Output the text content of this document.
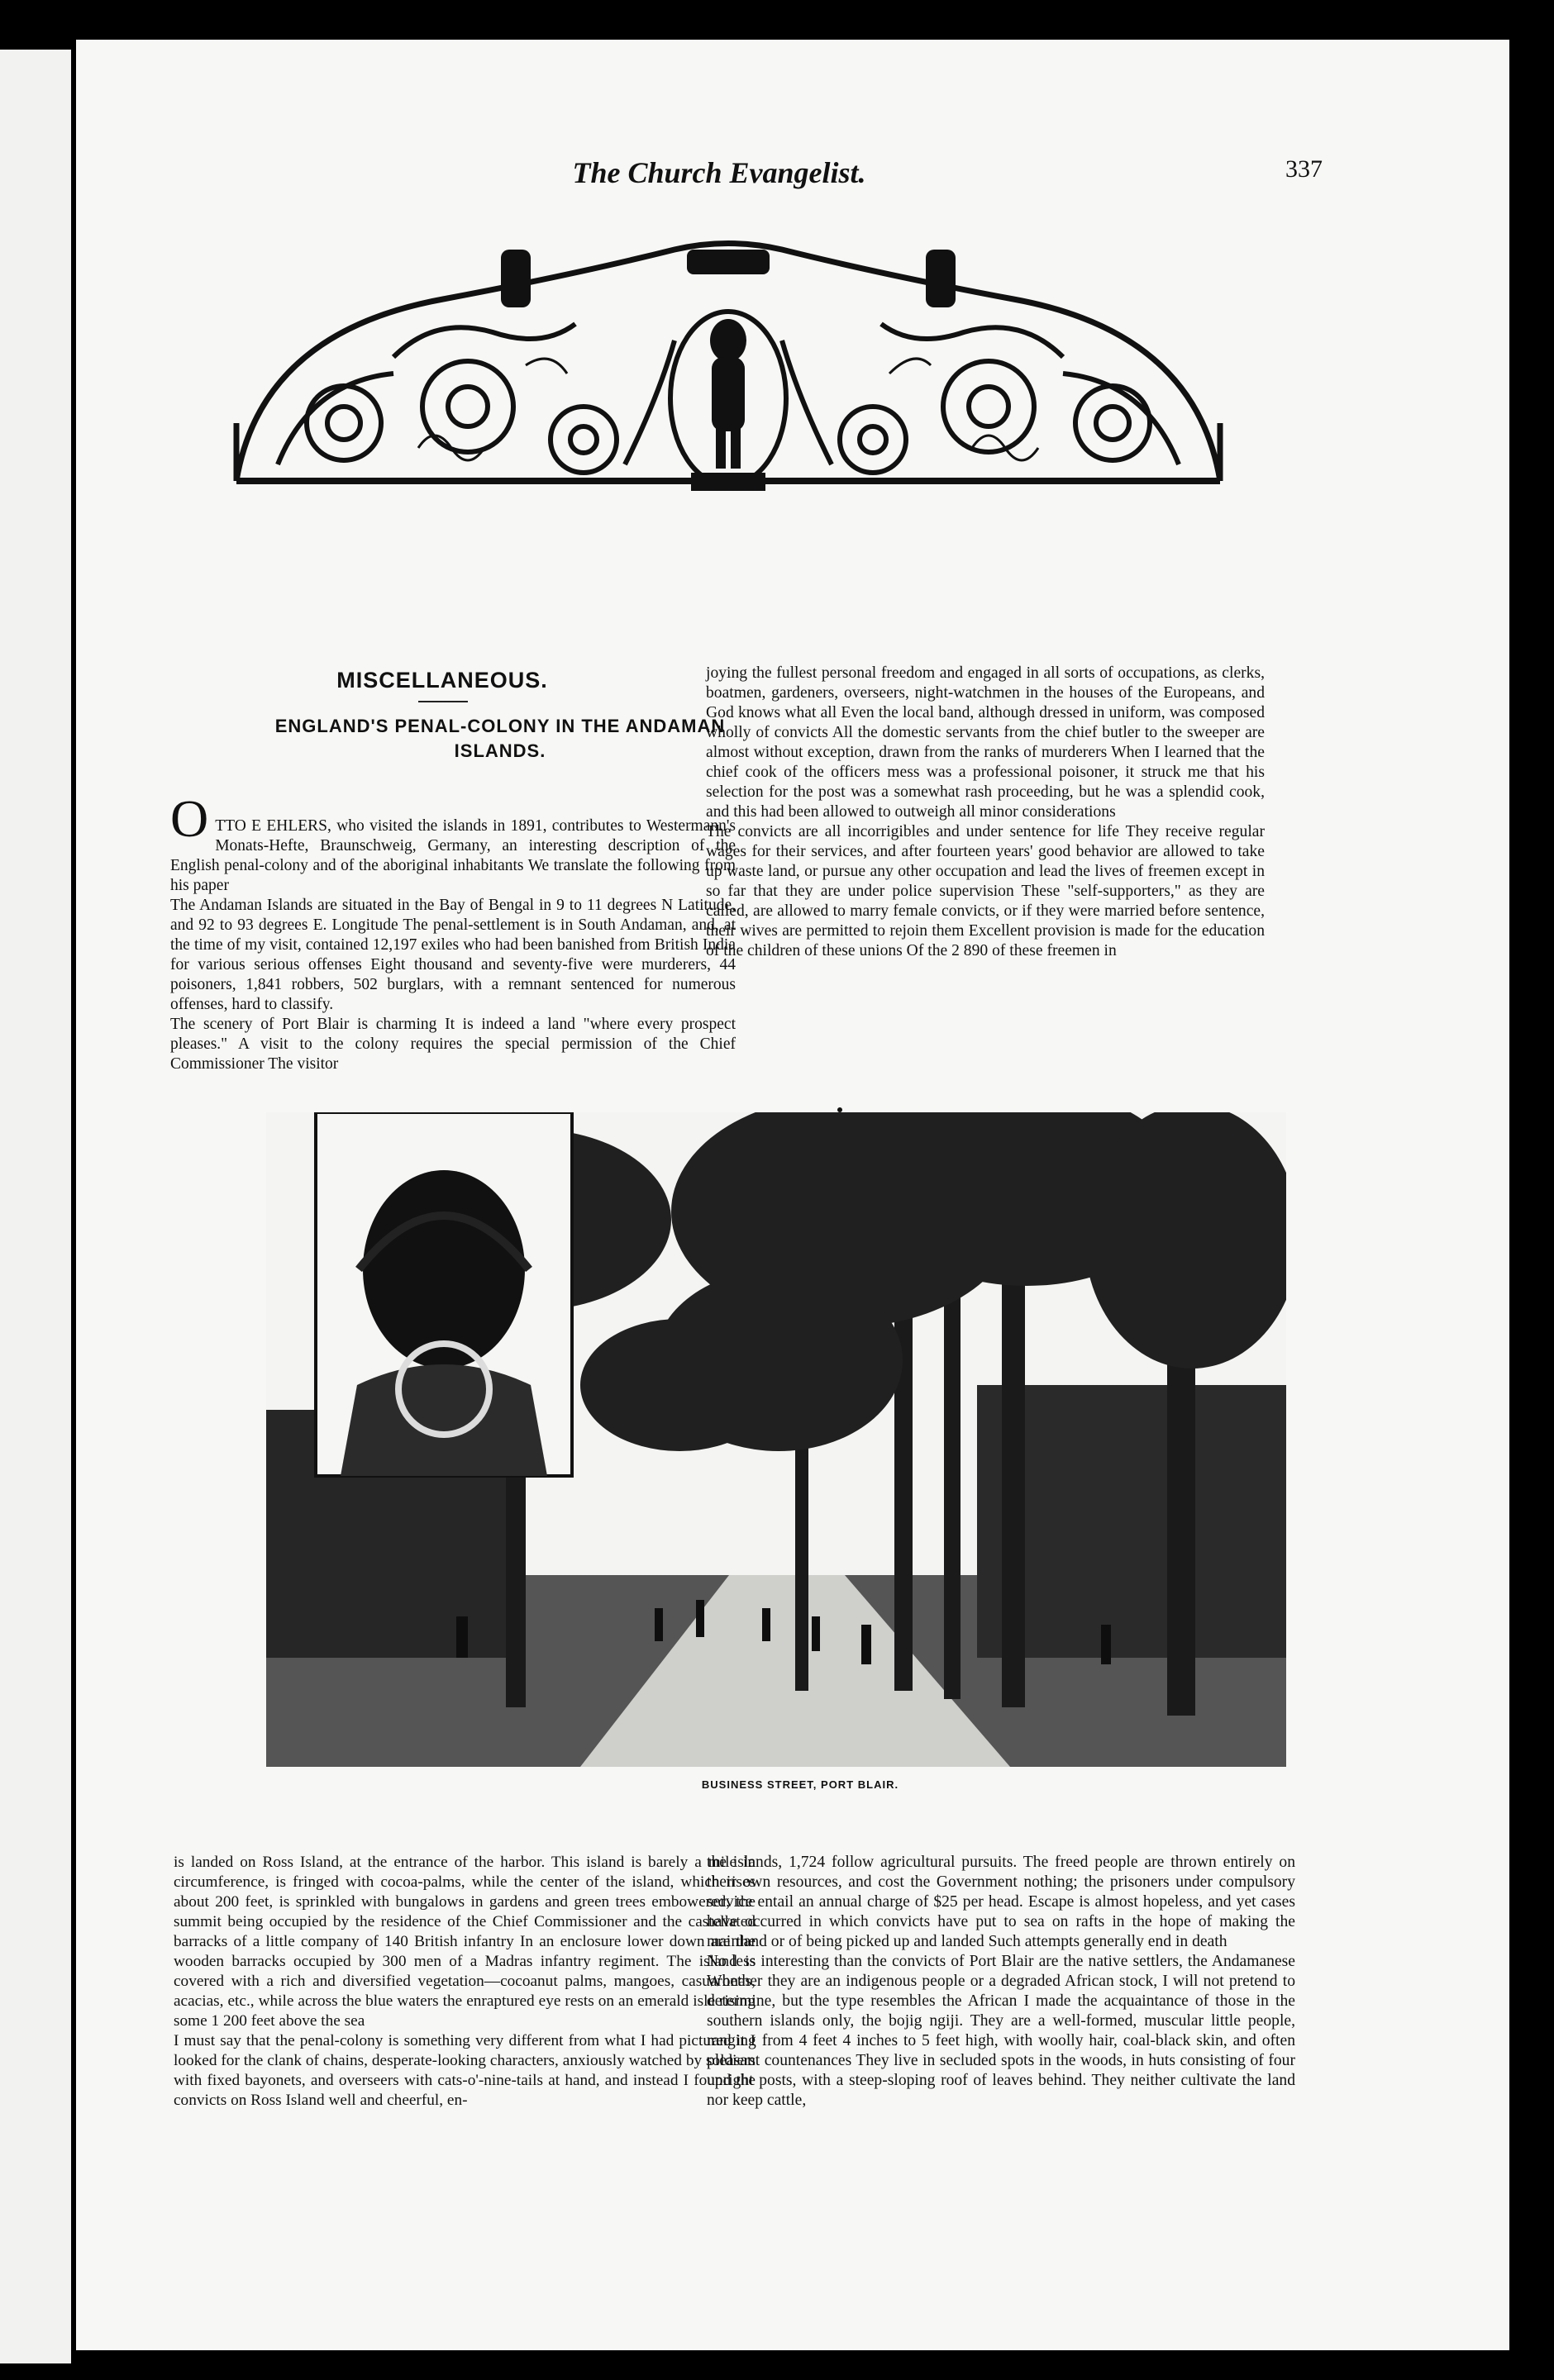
The Church Evangelist.	337
MISCELLANEOUS.
ENGLAND'S PENAL-COLONY IN THE ANDAMAN ISLANDS.

O TTO E EHLERS, who visited the islands in 1891, contributes to Westermann's Monats-Hefte, Braunschweig, Germany, an interesting description of the English penal-colony and of the aboriginal inhabitants We translate the following from his paper
The Andaman Islands are situated in the Bay of Bengal in 9 to 11 degrees N Latitude, and 92 to 93 degrees E. Longitude The penal-settlement is in South Andaman, and, at the time of my visit, contained 12,197 exiles who had been banished from British India for various serious offenses Eight thousand and seventy-five were murderers, 44 poisoners, 1,841 robbers, 502 burglars, with a remnant sentenced for numerous offenses, hard to classify.
The scenery of Port Blair is charming It is indeed a land "where every prospect pleases." A visit to the colony requires the special permission of the Chief Commissioner The visitor

joying the fullest personal freedom and engaged in all sorts of occupations, as clerks, boatmen, gardeners, overseers, night-watchmen in the houses of the Europeans, and God knows what all Even the local band, although dressed in uniform, was composed wholly of convicts All the domestic servants from the chief butler to the sweeper are almost without exception, drawn from the ranks of murderers When I learned that the chief cook of the officers mess was a professional poisoner, it struck me that his selection for the post was a somewhat rash proceeding, but he was a splendid cook, and this had been allowed to outweigh all minor considerations
The convicts are all incorrigibles and under sentence for life They receive regular wages for their services, and after fourteen years' good behavior are allowed to take up waste land, or pursue any other occupation and lead the lives of freemen except in so far that they are under police supervision These "self-supporters," as they are called, are allowed to marry female convicts, or if they were married before sentence, their wives are permitted to rejoin them Excellent provision is made for the education of the children of these unions Of the 2 890 of these freemen in
BUSINESS STREET, PORT BLAIR.
is landed on Ross Island, at the entrance of the harbor. This island is barely a mile in circumference, is fringed with cocoa-palms, while the center of the island, which rises about 200 feet, is sprinkled with bungalows in gardens and green trees embowered, the summit being occupied by the residence of the Chief Commissioner and the castellated barracks of a little company of 140 British infantry In an enclosure lower down are the wooden barracks occupied by 300 men of a Madras infantry regiment. The island is covered with a rich and diversified vegetation—cocoanut palms, mangoes, casuaronas, acacias, etc., while across the blue waters the enraptured eye rests on an emerald isle rising some 1 200 feet above the sea
I must say that the penal-colony is something very different from what I had pictured it I looked for the clank of chains, desperate-looking characters, anxiously watched by soldiers with fixed bayonets, and overseers with cats-o'-nine-tails at hand, and instead I found the convicts on Ross Island well and cheerful, en-
the islands, 1,724 follow agricultural pursuits. The freed people are thrown entirely on their own resources, and cost the Government nothing; the prisoners under compulsory service entail an annual charge of $25 per head. Escape is almost hopeless, and yet cases have occurred in which convicts have put to sea on rafts in the hope of making the mainland or of being picked up and landed Such attempts generally end in death
No less interesting than the convicts of Port Blair are the native settlers, the Andamanese Whether they are an indigenous people or a degraded African stock, I will not pretend to determine, but the type resembles the African I made the acquaintance of those in the southern islands only, the bojig ngiji. They are a well-formed, muscular little people, ranging from 4 feet 4 inches to 5 feet high, with woolly hair, coal-black skin, and often pleasant countenances They live in secluded spots in the woods, in huts consisting of four upright posts, with a steep-sloping roof of leaves behind. They neither cultivate the land nor keep cattle,
